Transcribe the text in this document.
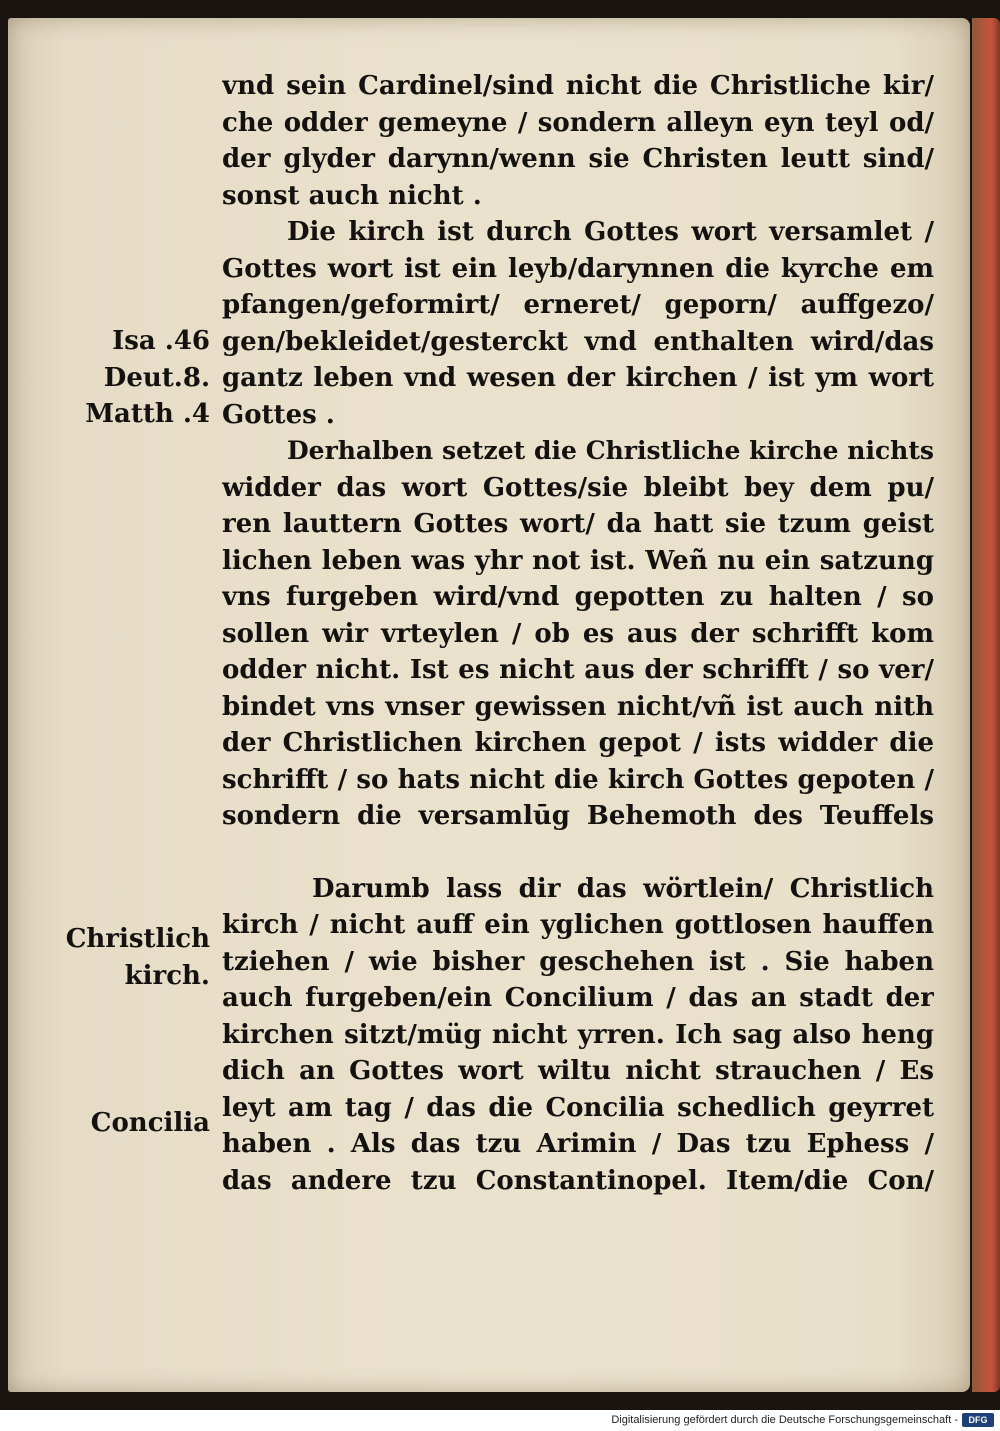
vnd sein Cardinel/sind nicht die Christliche kir/
che odder gemeyne / sondern alleyn eyn teyl od/
der glyder darynn/wenn sie Christen leutt sind/
sonst auch nicht .
Die kirch ist durch Gottes wort versamlet /
Gottes wort ist ein leyb/darynnen die kyrche em
pfangen/geformirt/ erneret/ geporn/ auffgezo/
gen/bekleidet/gesterckt vnd enthalten wird/das
gantz leben vnd wesen der kirchen / ist ym wort
Gottes .
Derhalben setzet die Christliche kirche nichts
widder das wort Gottes/sie bleibt bey dem pu/
ren lauttern Gottes wort/ da hatt sie tzum geist
lichen leben was yhr not ist. Weñ nu ein satzung
vns furgeben wird/vnd gepotten zu halten / so
sollen wir vrteylen / ob es aus der schrifft kom
odder nicht. Ist es nicht aus der schrifft / so ver/
bindet vns vnser gewissen nicht/vñ ist auch nith
der Christlichen kirchen gepot / ists widder die
schrifft / so hats nicht die kirch Gottes gepoten /
sondern die versamlūg Behemoth des Teuffels
Darumb lass dir das wörtlein/ Christlich
kirch / nicht auff ein yglichen gottlosen hauffen
tziehen / wie bisher geschehen ist . Sie haben
auch furgeben/ein Concilium / das an stadt der
kirchen sitzt/müg nicht yrren. Ich sag also heng
dich an Gottes wort wiltu nicht strauchen / Es
leyt am tag / das die Concilia schedlich geyrret
haben . Als das tzu Arimin / Das tzu Ephess /
das andere tzu Constantinopel. Item/die Con/
Isa .46
Deut.8.
Matth .4
Christlich
kirch.
Concilia
Digitalisierung gefördert durch die Deutsche Forschungsgemeinschaft -	DFG
